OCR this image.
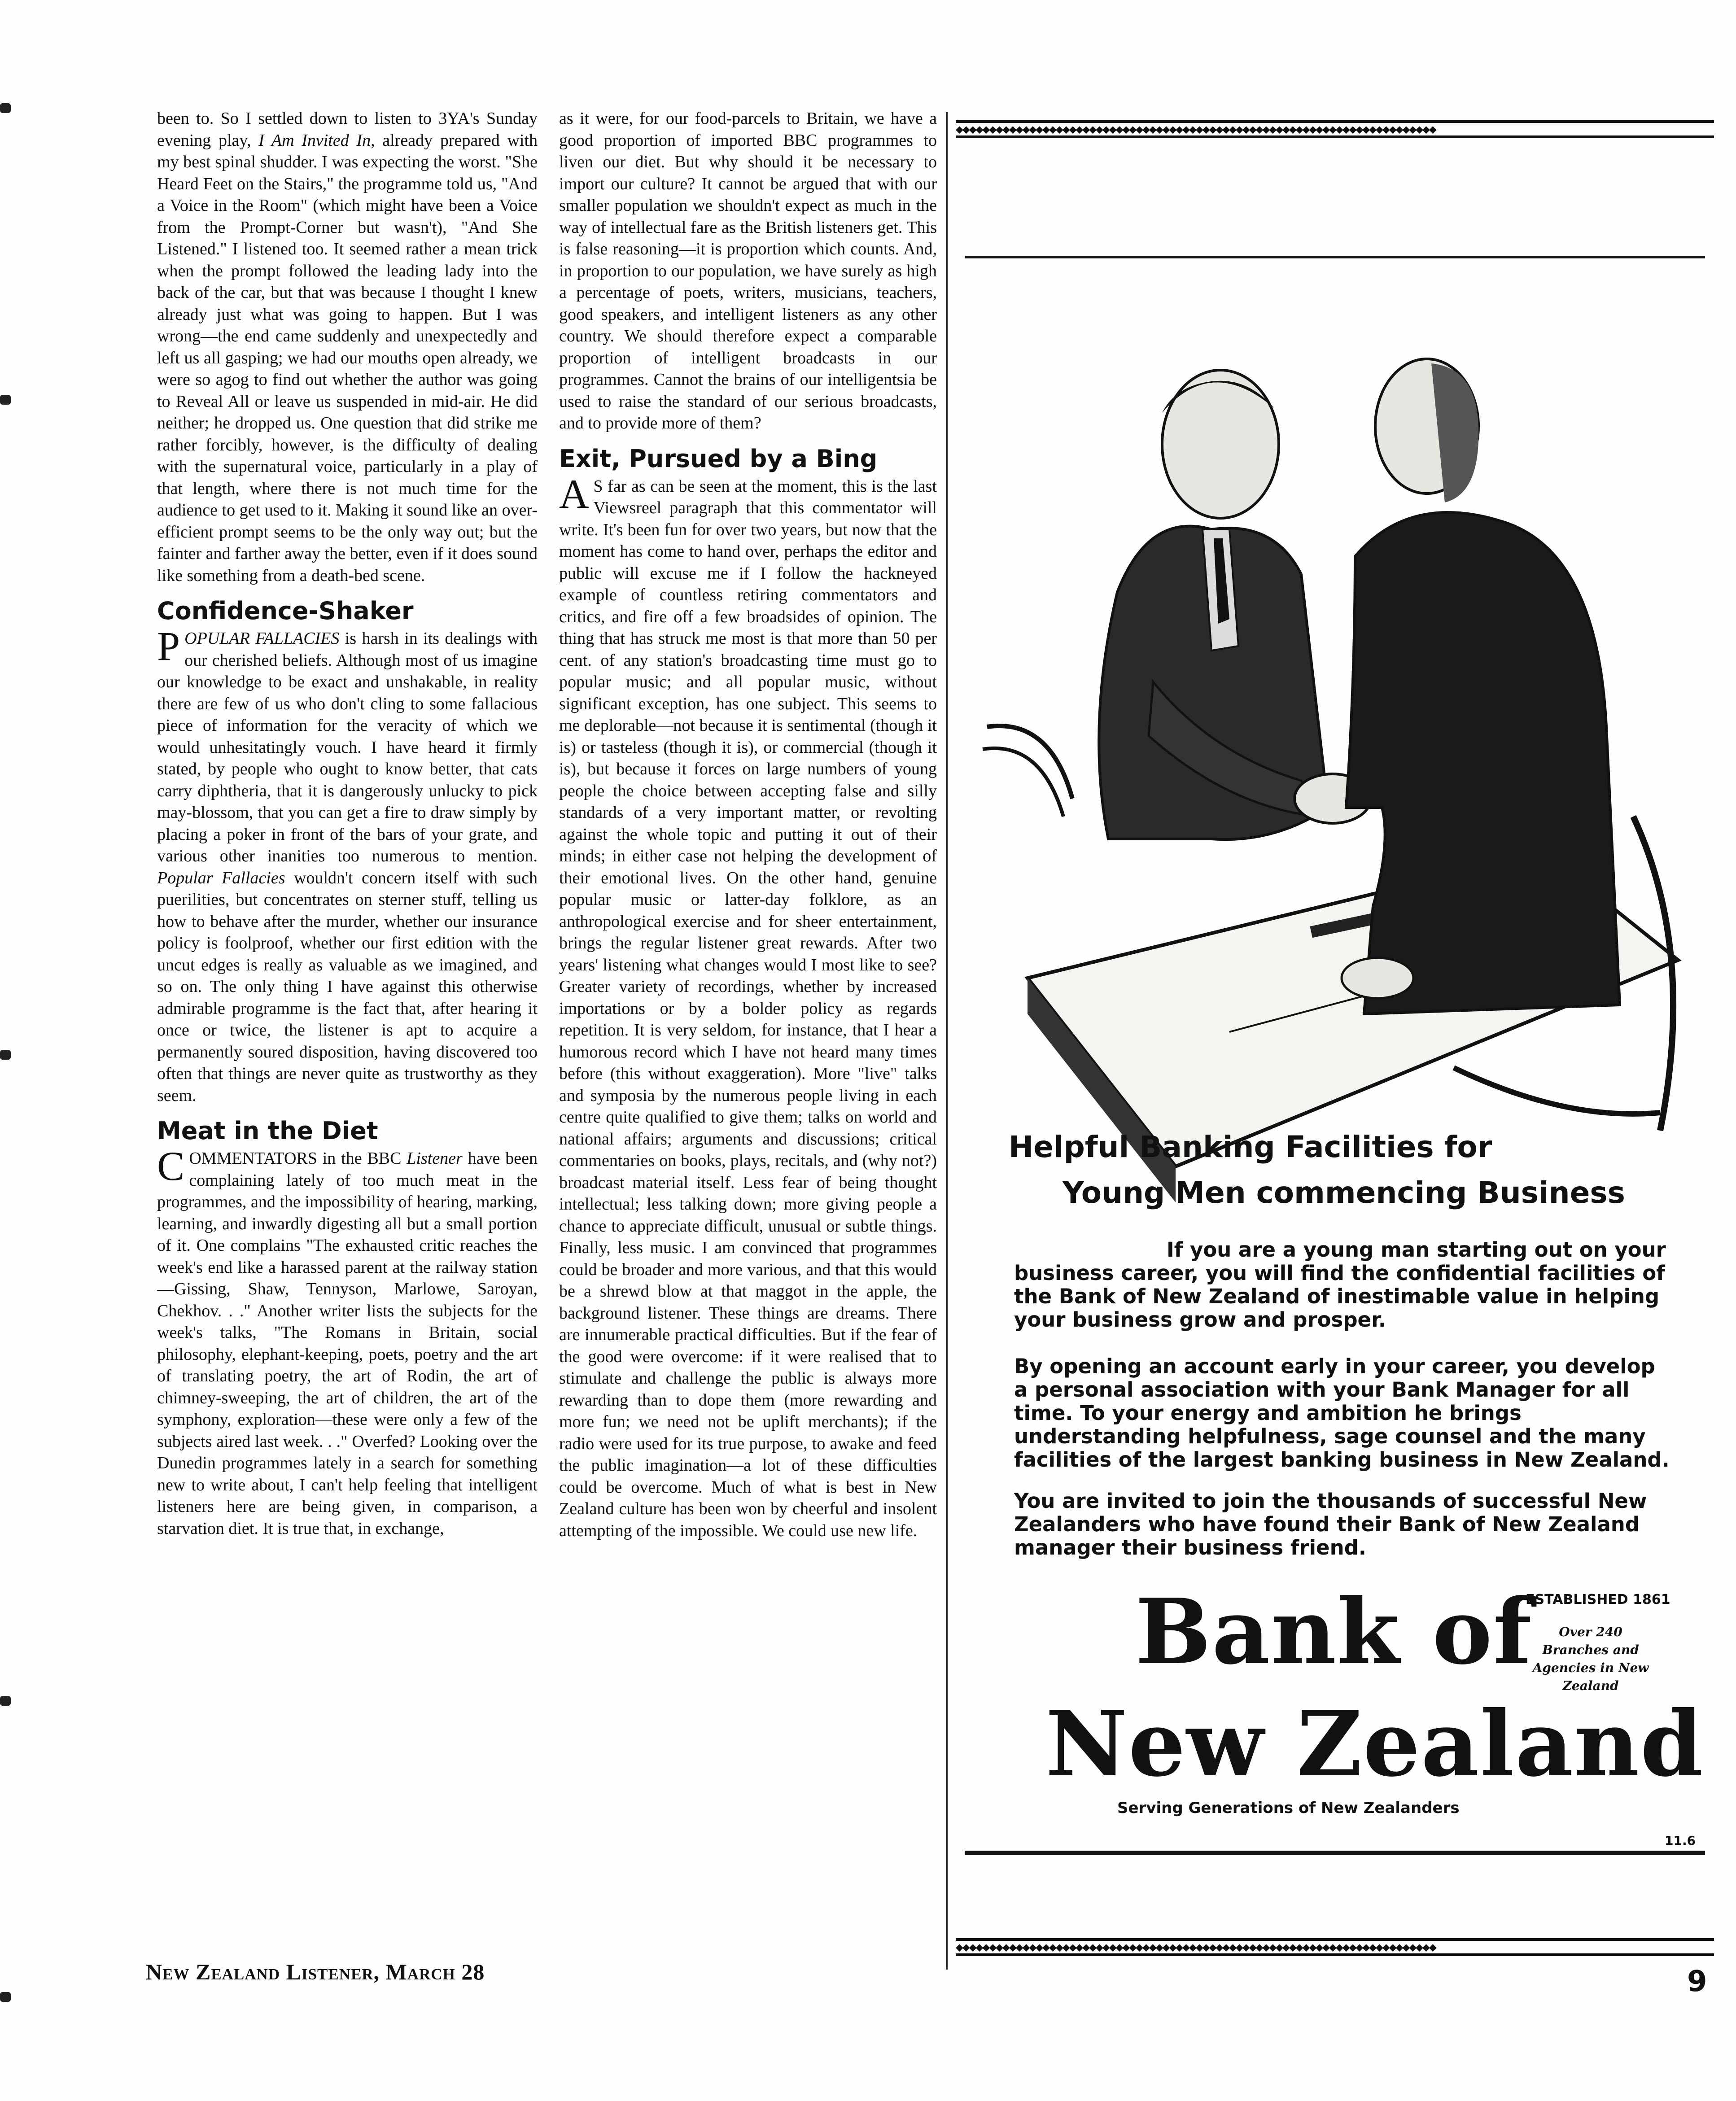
been to. So I settled down to listen to 3YA's Sunday evening play, I Am Invited In, already prepared with my best spinal shudder. I was expecting the worst. "She Heard Feet on the Stairs," the programme told us, "And a Voice in the Room" (which might have been a Voice from the Prompt-Corner but wasn't), "And She Listened." I listened too. It seemed rather a mean trick when the prompt followed the leading lady into the back of the car, but that was because I thought I knew already just what was going to happen. But I was wrong—the end came suddenly and unexpectedly and left us all gasping; we had our mouths open already, we were so agog to find out whether the author was going to Reveal All or leave us suspended in mid-air. He did neither; he dropped us. One question that did strike me rather forcibly, however, is the difficulty of dealing with the supernatural voice, particularly in a play of that length, where there is not much time for the audience to get used to it. Making it sound like an over-efficient prompt seems to be the only way out; but the fainter and farther away the better, even if it does sound like something from a death-bed scene.

Confidence-Shaker

POPULAR FALLACIES is harsh in its dealings with our cherished beliefs. Although most of us imagine our knowledge to be exact and unshakable, in reality there are few of us who don't cling to some fallacious piece of information for the veracity of which we would unhesitatingly vouch. I have heard it firmly stated, by people who ought to know better, that cats carry diphtheria, that it is dangerously unlucky to pick may-blossom, that you can get a fire to draw simply by placing a poker in front of the bars of your grate, and various other inanities too numerous to mention. Popular Fallacies wouldn't concern itself with such puerilities, but concentrates on sterner stuff, telling us how to behave after the murder, whether our insurance policy is foolproof, whether our first edition with the uncut edges is really as valuable as we imagined, and so on. The only thing I have against this otherwise admirable programme is the fact that, after hearing it once or twice, the listener is apt to acquire a permanently soured disposition, having discovered too often that things are never quite as trustworthy as they seem.

Meat in the Diet

COMMENTATORS in the BBC Listener have been complaining lately of too much meat in the programmes, and the impossibility of hearing, marking, learning, and inwardly digesting all but a small portion of it. One complains "The exhausted critic reaches the week's end like a harassed parent at the railway station—Gissing, Shaw, Tennyson, Marlowe, Saroyan, Chekhov. . ." Another writer lists the subjects for the week's talks, "The Romans in Britain, social philosophy, elephant-keeping, poets, poetry and the art of translating poetry, the art of Rodin, the art of chimney-sweeping, the art of children, the art of the symphony, exploration—these were only a few of the subjects aired last week. . ." Overfed? Looking over the Dunedin programmes lately in a search for something new to write about, I can't help feeling that intelligent listeners here are being given, in comparison, a starvation diet. It is true that, in exchange,

as it were, for our food-parcels to Britain, we have a good proportion of imported BBC programmes to liven our diet. But why should it be necessary to import our culture? It cannot be argued that with our smaller population we shouldn't expect as much in the way of intellectual fare as the British listeners get. This is false reasoning—it is proportion which counts. And, in proportion to our population, we have surely as high a percentage of poets, writers, musicians, teachers, good speakers, and intelligent listeners as any other country. We should therefore expect a comparable proportion of intelligent broadcasts in our programmes. Cannot the brains of our intelligentsia be used to raise the standard of our serious broadcasts, and to provide more of them?

Exit, Pursued by a Bing

A S far as can be seen at the moment, this is the last Viewsreel paragraph that this commentator will write. It's been fun for over two years, but now that the moment has come to hand over, perhaps the editor and public will excuse me if I follow the hackneyed example of countless retiring commentators and critics, and fire off a few broadsides of opinion. The thing that has struck me most is that more than 50 per cent. of any station's broadcasting time must go to popular music; and all popular music, without significant exception, has one subject. This seems to me deplorable—not because it is sentimental (though it is) or tasteless (though it is), or commercial (though it is), but because it forces on large numbers of young people the choice between accepting false and silly standards of a very important matter, or revolting against the whole topic and putting it out of their minds; in either case not helping the development of their emotional lives. On the other hand, genuine popular music or latter-day folklore, as an anthropological exercise and for sheer entertainment, brings the regular listener great rewards. After two years' listening what changes would I most like to see? Greater variety of recordings, whether by increased importations or by a bolder policy as regards repetition. It is very seldom, for instance, that I hear a humorous record which I have not heard many times before (this without exaggeration). More "live" talks and symposia by the numerous people living in each centre quite qualified to give them; talks on world and national affairs; arguments and discussions; critical commentaries on books, plays, recitals, and (why not?) broadcast material itself. Less fear of being thought intellectual; less talking down; more giving people a chance to appreciate difficult, unusual or subtle things. Finally, less music. I am convinced that programmes could be broader and more various, and that this would be a shrewd blow at that maggot in the apple, the background listener. These things are dreams. There are innumerable practical difficulties. But if the fear of the good were overcome: if it were realised that to stimulate and challenge the public is always more rewarding than to dope them (more rewarding and more fun; we need not be uplift merchants); if the radio were used for its true purpose, to awake and feed the public imagination—a lot of these difficulties could be overcome. Much of what is best in New Zealand culture has been won by cheerful and insolent attempting of the impossible. We could use new life.

New Zealand Listener, March 28	9
◆◆◆◆◆◆◆◆◆◆◆◆◆◆◆◆◆◆◆◆◆◆◆◆◆◆◆◆◆◆◆◆◆◆◆◆◆◆◆◆◆◆◆◆◆◆◆◆◆◆◆◆◆◆◆◆◆◆◆◆◆◆◆◆◆◆◆◆◆◆◆◆
Helpful Banking Facilities for
Young Men commencing Business

If you are a young man starting out on your business career, you will find the confidential facilities of the Bank of New Zealand of inestimable value in helping your business grow and prosper.

By opening an account early in your career, you develop a personal association with your Bank Manager for all time. To your energy and ambition he brings understanding helpfulness, sage counsel and the many facilities of the largest banking business in New Zealand.

You are invited to join the thousands of successful New Zealanders who have found their Bank of New Zealand manager their business friend.

Bank of
New Zealand
◆◆◆◆◆◆◆◆◆◆◆◆◆◆◆◆◆◆◆◆◆◆◆◆◆◆◆◆◆◆◆◆◆◆◆◆◆◆◆◆◆◆◆◆◆◆◆◆◆◆◆◆◆◆◆◆◆◆◆◆◆◆◆◆◆◆◆◆◆◆◆◆
ESTABLISHED 1861
Over 240 Branches and Agencies in New Zealand
Serving Generations of New Zealanders
11.6
